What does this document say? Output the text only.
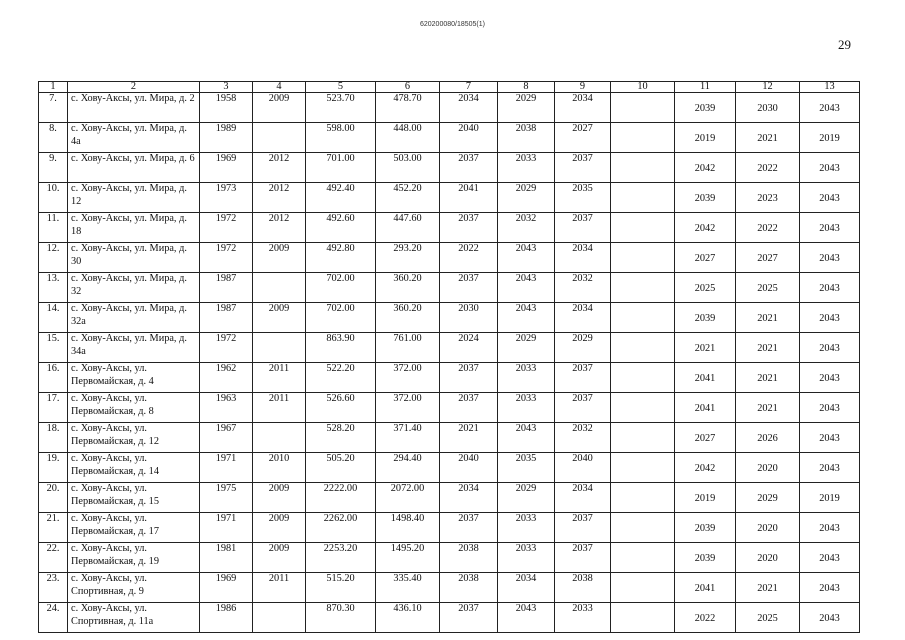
620200080/18505(1)
29
1	2	3	4	5	6	7	8	9	10	11	12	13
7.	с. Хову-Аксы, ул. Мира, д. 2	1958	2009	523.70	478.70	2034	2029	2034		2039	2030	2043
8.	с. Хову-Аксы, ул. Мира, д. 4а	1989		598.00	448.00	2040	2038	2027		2019	2021	2019
9.	с. Хову-Аксы, ул. Мира, д. 6	1969	2012	701.00	503.00	2037	2033	2037		2042	2022	2043
10.	с. Хову-Аксы, ул. Мира, д. 12	1973	2012	492.40	452.20	2041	2029	2035		2039	2023	2043
11.	с. Хову-Аксы, ул. Мира, д. 18	1972	2012	492.60	447.60	2037	2032	2037		2042	2022	2043
12.	с. Хову-Аксы, ул. Мира, д. 30	1972	2009	492.80	293.20	2022	2043	2034		2027	2027	2043
13.	с. Хову-Аксы, ул. Мира, д. 32	1987		702.00	360.20	2037	2043	2032		2025	2025	2043
14.	с. Хову-Аксы, ул. Мира, д. 32а	1987	2009	702.00	360.20	2030	2043	2034		2039	2021	2043
15.	с. Хову-Аксы, ул. Мира, д. 34а	1972		863.90	761.00	2024	2029	2029		2021	2021	2043
16.	с. Хову-Аксы, ул. Первомайская, д. 4	1962	2011	522.20	372.00	2037	2033	2037		2041	2021	2043
17.	с. Хову-Аксы, ул. Первомайская, д. 8	1963	2011	526.60	372.00	2037	2033	2037		2041	2021	2043
18.	с. Хову-Аксы, ул. Первомайская, д. 12	1967		528.20	371.40	2021	2043	2032		2027	2026	2043
19.	с. Хову-Аксы, ул. Первомайская, д. 14	1971	2010	505.20	294.40	2040	2035	2040		2042	2020	2043
20.	с. Хову-Аксы, ул. Первомайская, д. 15	1975	2009	2222.00	2072.00	2034	2029	2034		2019	2029	2019
21.	с. Хову-Аксы, ул. Первомайская, д. 17	1971	2009	2262.00	1498.40	2037	2033	2037		2039	2020	2043
22.	с. Хову-Аксы, ул. Первомайская, д. 19	1981	2009	2253.20	1495.20	2038	2033	2037		2039	2020	2043
23.	с. Хову-Аксы, ул. Спортивная, д. 9	1969	2011	515.20	335.40	2038	2034	2038		2041	2021	2043
24.	с. Хову-Аксы, ул. Спортивная, д. 11а	1986		870.30	436.10	2037	2043	2033		2022	2025	2043
